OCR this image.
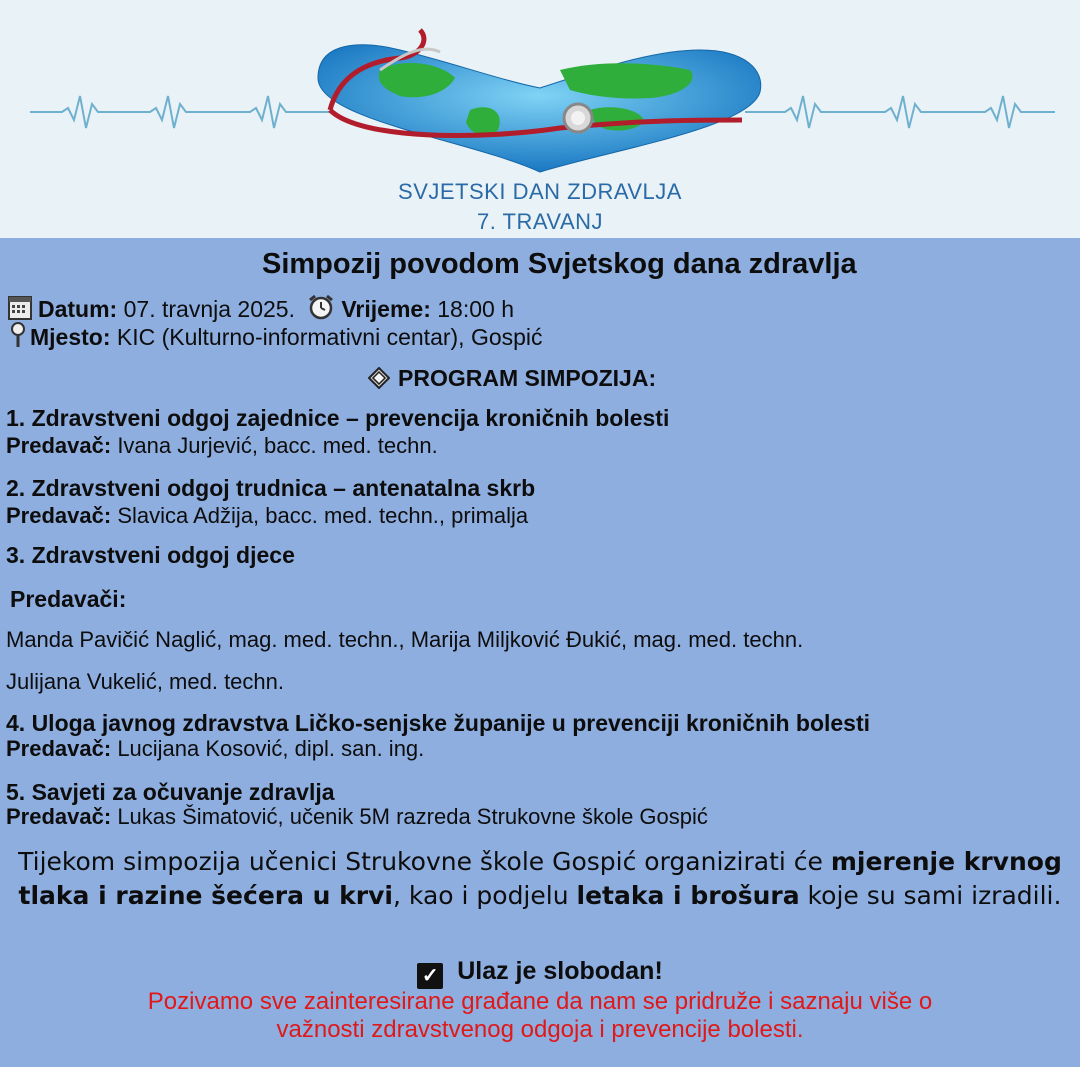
SVJETSKI DAN ZDRAVLJA
7. TRAVANJ
Simpozij povodom Svjetskog dana zdravlja
Datum: 07. travnja 2025. Vrijeme: 18:00 h
Mjesto: KIC (Kulturno-informativni centar), Gospić
PROGRAM SIMPOZIJA:
1. Zdravstveni odgoj zajednice – prevencija kroničnih bolesti
Predavač: Ivana Jurjević, bacc. med. techn.
2. Zdravstveni odgoj trudnica – antenatalna skrb
Predavač: Slavica Adžija, bacc. med. techn., primalja
3. Zdravstveni odgoj djece
Predavači:
Manda Pavičić Naglić, mag. med. techn., Marija Miljković Đukić, mag. med. techn.
Julijana Vukelić, med. techn.
4. Uloga javnog zdravstva Ličko-senjske županije u prevenciji kroničnih bolesti
Predavač: Lucijana Kosović, dipl. san. ing.
5. Savjeti za očuvanje zdravlja
Predavač: Lukas Šimatović, učenik 5M razreda Strukovne škole Gospić
Tijekom simpozija učenici Strukovne škole Gospić organizirati će mjerenje krvnog tlaka i razine šećera u krvi, kao i podjelu letaka i brošura koje su sami izradili.
✓ Ulaz je slobodan!
Pozivamo sve zainteresirane građane da nam se pridruže i saznaju više o
važnosti zdravstvenog odgoja i prevencije bolesti.
